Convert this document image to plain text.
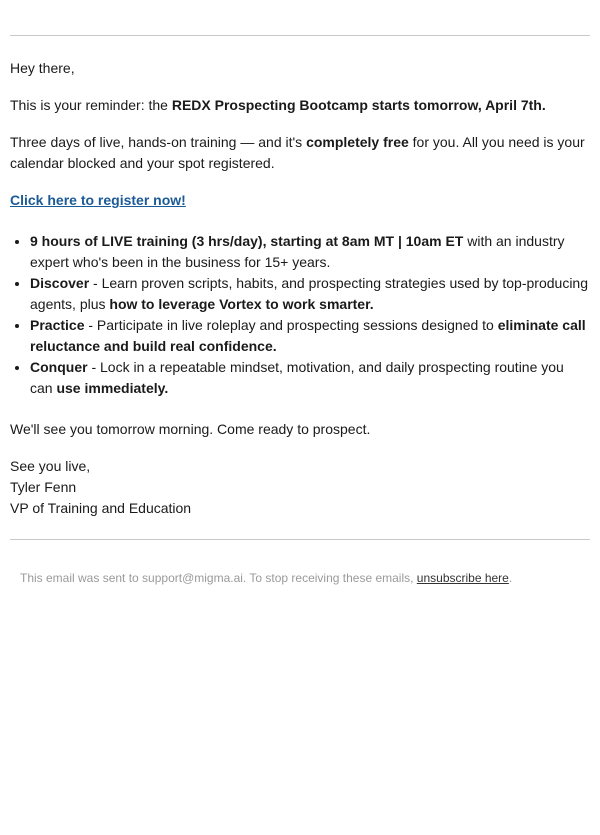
Hey there,

This is your reminder: the REDX Prospecting Bootcamp starts tomorrow, April 7th.

Three days of live, hands-on training — and it's completely free for you. All you need is your calendar blocked and your spot registered.

Click here to register now!

• 9 hours of LIVE training (3 hrs/day), starting at 8am MT | 10am ET with an industry expert who's been in the business for 15+ years.
• Discover - Learn proven scripts, habits, and prospecting strategies used by top-producing agents, plus how to leverage Vortex to work smarter.
• Practice - Participate in live roleplay and prospecting sessions designed to eliminate call reluctance and build real confidence.
• Conquer - Lock in a repeatable mindset, motivation, and daily prospecting routine you can use immediately.

We'll see you tomorrow morning. Come ready to prospect.

See you live,
Tyler Fenn
VP of Training and Education

This email was sent to support@migma.ai. To stop receiving these emails, unsubscribe here.
